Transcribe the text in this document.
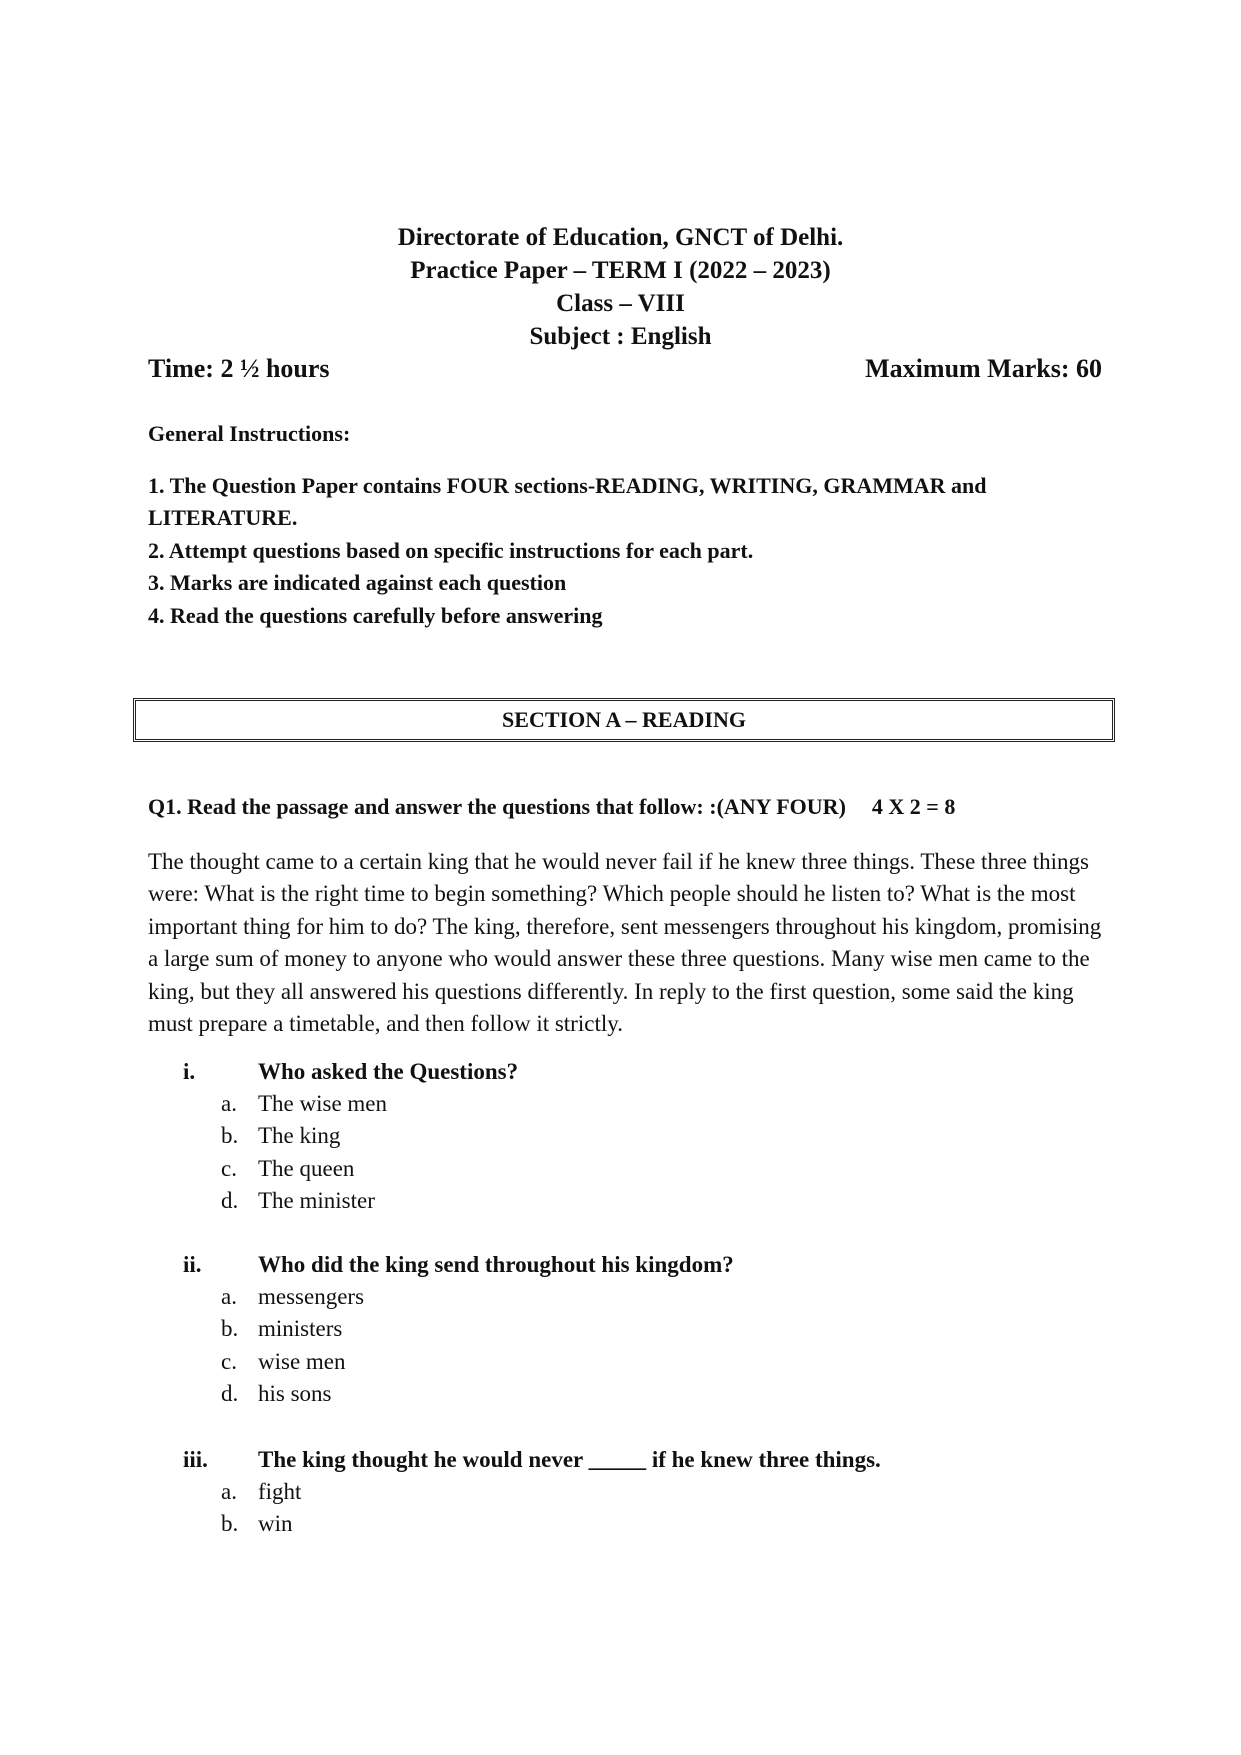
Directorate of Education, GNCT of Delhi.
Practice Paper – TERM I (2022 – 2023)
Class – VIII
Subject : English
Time: 2 ½ hours	Maximum Marks: 60
General Instructions:
1. The Question Paper contains FOUR sections-READING, WRITING, GRAMMAR and LITERATURE.
2. Attempt questions based on specific instructions for each part.
3. Marks are indicated against each question
4. Read the questions carefully before answering
SECTION A – READING
Q1. Read the passage and answer the questions that follow: :(ANY FOUR) 4 X 2 = 8
The thought came to a certain king that he would never fail if he knew three things. These three things were: What is the right time to begin something? Which people should he listen to? What is the most important thing for him to do? The king, therefore, sent messengers throughout his kingdom, promising a large sum of money to anyone who would answer these three questions. Many wise men came to the king, but they all answered his questions differently. In reply to the first question, some said the king must prepare a timetable, and then follow it strictly.
i.	Who asked the Questions?
a. The wise men
b. The king
c. The queen
d. The minister
ii. Who did the king send throughout his kingdom?
a. messengers
b. ministers
c. wise men
d. his sons
iii. The king thought he would never _____ if he knew three things.
a. fight
b. win
